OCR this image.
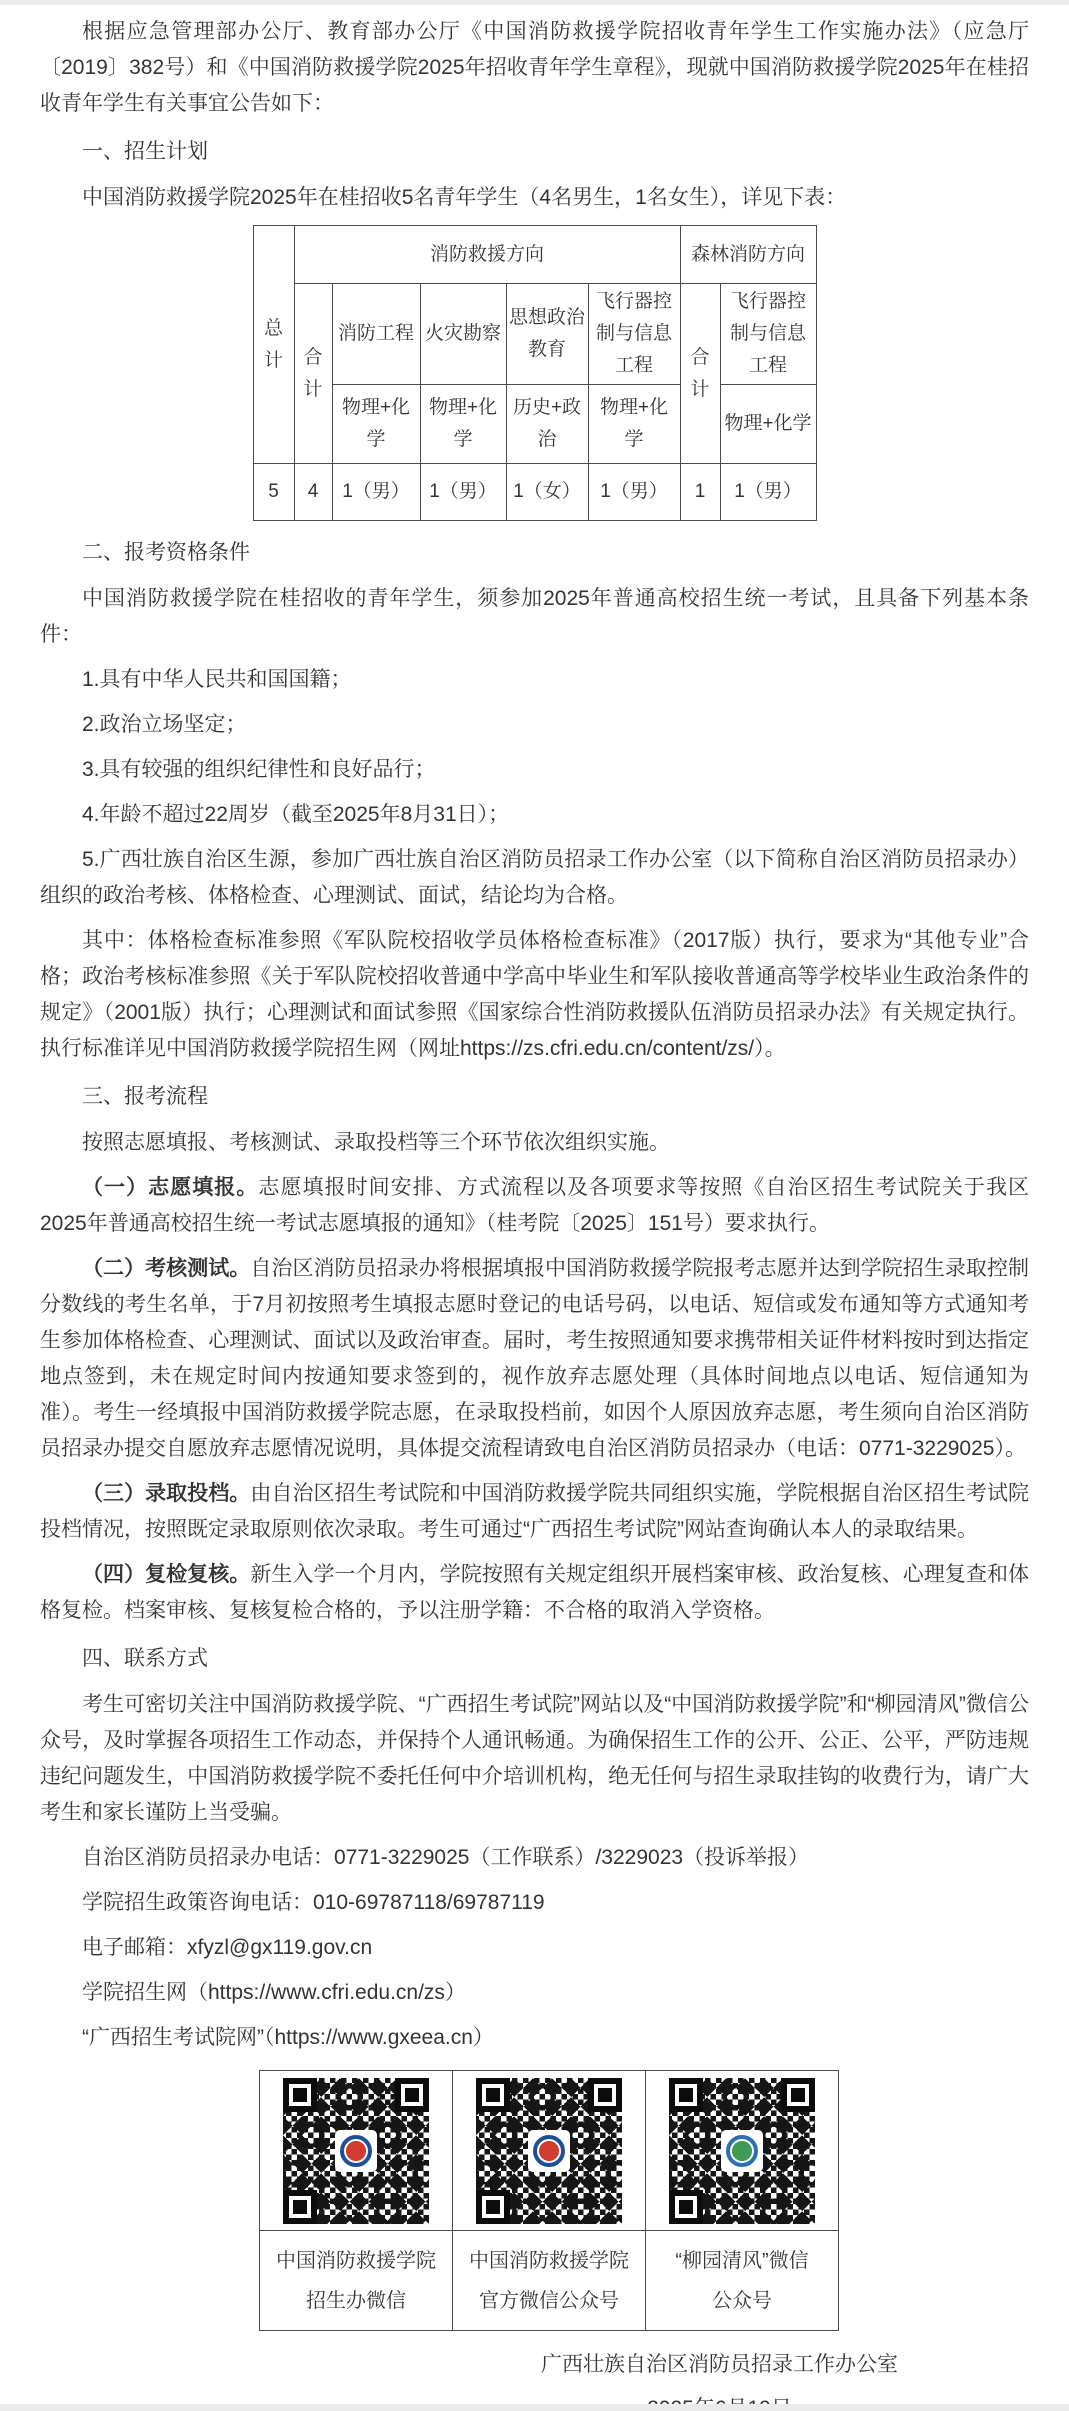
根据应急管理部办公厅、教育部办公厅《中国消防救援学院招收青年学生工作实施办法》（应急厅〔2019〕382号）和《中国消防救援学院2025年招收青年学生章程》，现就中国消防救援学院2025年在桂招收青年学生有关事宜公告如下：

一、招生计划

中国消防救援学院2025年在桂招收5名青年学生（4名男生，1名女生），详见下表：

总计	消防救援方向					森林消防方向	
	合计	消防工程	火灾勘察	思想政治教育	飞行器控制与信息工程	合计	飞行器控制与信息工程
		物理+化学	物理+化学	历史+政治	物理+化学		物理+化学
5	4	1（男）	1（男）	1（女）	1（男）	1	1（男）

二、报考资格条件

中国消防救援学院在桂招收的青年学生，须参加2025年普通高校招生统一考试，且具备下列基本条件：

1.具有中华人民共和国国籍；

2.政治立场坚定；

3.具有较强的组织纪律性和良好品行；

4.年龄不超过22周岁（截至2025年8月31日）；

5.广西壮族自治区生源，参加广西壮族自治区消防员招录工作办公室（以下简称自治区消防员招录办）组织的政治考核、体格检查、心理测试、面试，结论均为合格。

其中：体格检查标准参照《军队院校招收学员体格检查标准》（2017版）执行，要求为“其他专业”合格；政治考核标准参照《关于军队院校招收普通中学高中毕业生和军队接收普通高等学校毕业生政治条件的规定》（2001版）执行；心理测试和面试参照《国家综合性消防救援队伍消防员招录办法》有关规定执行。执行标准详见中国消防救援学院招生网（网址https://zs.cfri.edu.cn/content/zs/）。

三、报考流程

按照志愿填报、考核测试、录取投档等三个环节依次组织实施。

（一）志愿填报。志愿填报时间安排、方式流程以及各项要求等按照《自治区招生考试院关于我区2025年普通高校招生统一考试志愿填报的通知》（桂考院〔2025〕151号）要求执行。

（二）考核测试。自治区消防员招录办将根据填报中国消防救援学院报考志愿并达到学院招生录取控制分数线的考生名单，于7月初按照考生填报志愿时登记的电话号码，以电话、短信或发布通知等方式通知考生参加体格检查、心理测试、面试以及政治审查。届时，考生按照通知要求携带相关证件材料按时到达指定地点签到，未在规定时间内按通知要求签到的，视作放弃志愿处理（具体时间地点以电话、短信通知为准）。考生一经填报中国消防救援学院志愿，在录取投档前，如因个人原因放弃志愿，考生须向自治区消防员招录办提交自愿放弃志愿情况说明，具体提交流程请致电自治区消防员招录办（电话：0771-3229025）。

（三）录取投档。由自治区招生考试院和中国消防救援学院共同组织实施，学院根据自治区招生考试院投档情况，按照既定录取原则依次录取。考生可通过“广西招生考试院”网站查询确认本人的录取结果。

（四）复检复核。新生入学一个月内，学院按照有关规定组织开展档案审核、政治复核、心理复查和体格复检。档案审核、复核复检合格的，予以注册学籍：不合格的取消入学资格。

四、联系方式

考生可密切关注中国消防救援学院、“广西招生考试院”网站以及“中国消防救援学院”和“柳园清风”微信公众号，及时掌握各项招生工作动态，并保持个人通讯畅通。为确保招生工作的公开、公正、公平，严防违规违纪问题发生，中国消防救援学院不委托任何中介培训机构，绝无任何与招生录取挂钩的收费行为，请广大考生和家长谨防上当受骗。

自治区消防员招录办电话：0771-3229025（工作联系）/3229023（投诉举报）

学院招生政策咨询电话：010-69787118/69787119

电子邮箱：xfyzl@gx119.gov.cn

学院招生网（https://www.cfri.edu.cn/zs）

“广西招生考试院网”（https://www.gxeea.cn）

中国消防救援学院
招生办微信
中国消防救援学院
官方微信公众号
“柳园清风”微信
公众号
广西壮族自治区消防员招录工作办公室
